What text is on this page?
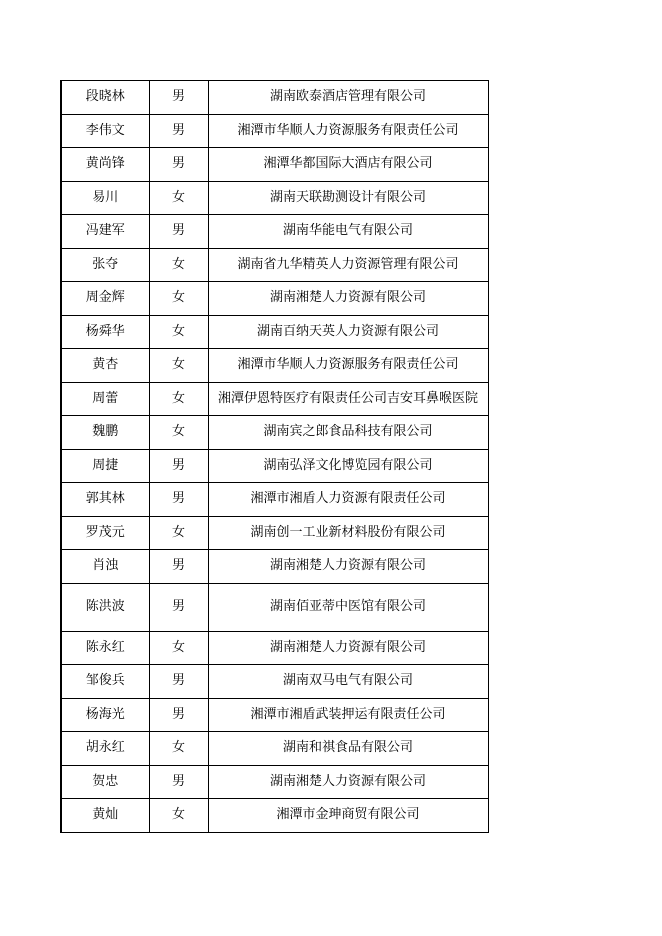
段晓林	男	湖南欧泰酒店管理有限公司
李伟文	男	湘潭市华顺人力资源服务有限责任公司
黄尚锋	男	湘潭华都国际大酒店有限公司
易川	女	湖南天联勘测设计有限公司
冯建军	男	湖南华能电气有限公司
张夺	女	湖南省九华精英人力资源管理有限公司
周金辉	女	湖南湘楚人力资源有限公司
杨舜华	女	湖南百纳天英人力资源有限公司
黄杏	女	湘潭市华顺人力资源服务有限责任公司
周蕾	女	湘潭伊恩特医疗有限责任公司吉安耳鼻喉医院
魏鹏	女	湖南宾之郎食品科技有限公司
周捷	男	湖南弘泽文化博览园有限公司
郭其林	男	湘潭市湘盾人力资源有限责任公司
罗茂元	女	湖南创一工业新材料股份有限公司
肖浊	男	湖南湘楚人力资源有限公司
陈洪波	男	湖南佰亚蒂中医馆有限公司
陈永红	女	湖南湘楚人力资源有限公司
邹俊兵	男	湖南双马电气有限公司
杨海光	男	湘潭市湘盾武装押运有限责任公司
胡永红	女	湖南和祺食品有限公司
贺忠	男	湖南湘楚人力资源有限公司
黄灿	女	湘潭市金珅商贸有限公司
